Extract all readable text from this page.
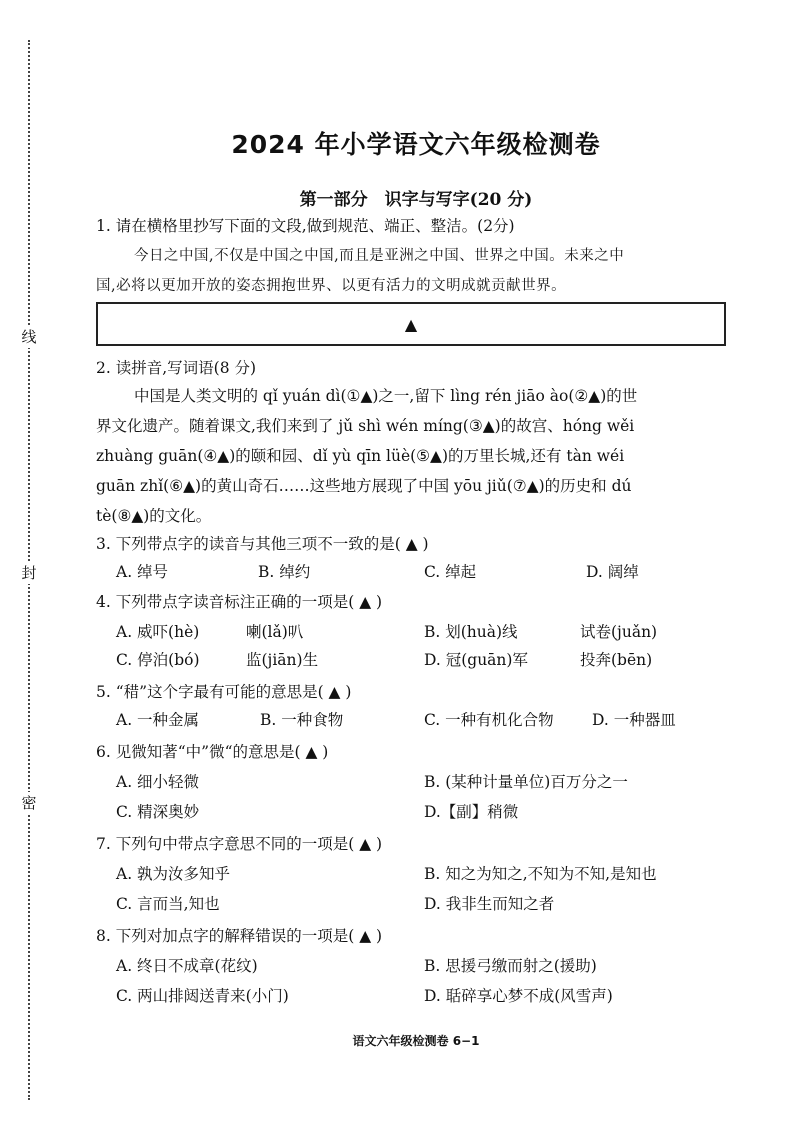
线
封
密
2024 年小学语文六年级检测卷
第一部分　识字与写字(20 分)
1. 请在横格里抄写下面的文段,做到规范、端正、整洁。(2分)
今日之中国,不仅是中国之中国,而且是亚洲之中国、世界之中国。未来之中
国,必将以更加开放的姿态拥抱世界、以更有活力的文明成就贡献世界。
▲
2. 读拼音,写词语(8 分)
中国是人类文明的 qǐ yuán dì(①▲)之一,留下 lìng rén jiāo ào(②▲)的世
界文化遗产。随着课文,我们来到了 jǔ shì wén míng(③▲)的故宫、hóng wěi
zhuàng guān(④▲)的颐和园、dǐ yù qīn lüè(⑤▲)的万里长城,还有 tàn wéi
guān zhǐ(⑥▲)的黄山奇石……这些地方展现了中国 yōu jiǔ(⑦▲)的历史和 dú
tè(⑧▲)的文化。
3. 下列带点字的读音与其他三项不一致的是( ▲ )
A. 绰号	B. 绰约	C. 绰起	D. 阔绰
4. 下列带点字读音标注正确的一项是( ▲ )
A. 威吓(hè)	喇(lǎ)叭	B. 划(huà)线	试卷(juǎn)
C. 停泊(bó)	监(jiān)生	D. 冠(guān)军	投奔(bēn)
5. “稓”这个字最有可能的意思是( ▲ )
A. 一种金属	B. 一种食物	C. 一种有机化合物 D. 一种器皿
6. 见微知著“中”微“的意思是( ▲ )
A. 细小轻微	B. (某种计量单位)百万分之一
C. 精深奥妙	D.【副】稍微
7. 下列句中带点字意思不同的一项是( ▲ )
A. 孰为汝多知乎	B. 知之为知之,不知为不知,是知也
C. 言而当,知也	D. 我非生而知之者
8. 下列对加点字的解释错误的一项是( ▲ )
A. 终日不成章(花纹)	B. 思援弓缴而射之(援助)
C. 两山排闼送青来(小门)	D. 聒碎享心梦不成(风雪声)
语文六年级检测卷 6−1
